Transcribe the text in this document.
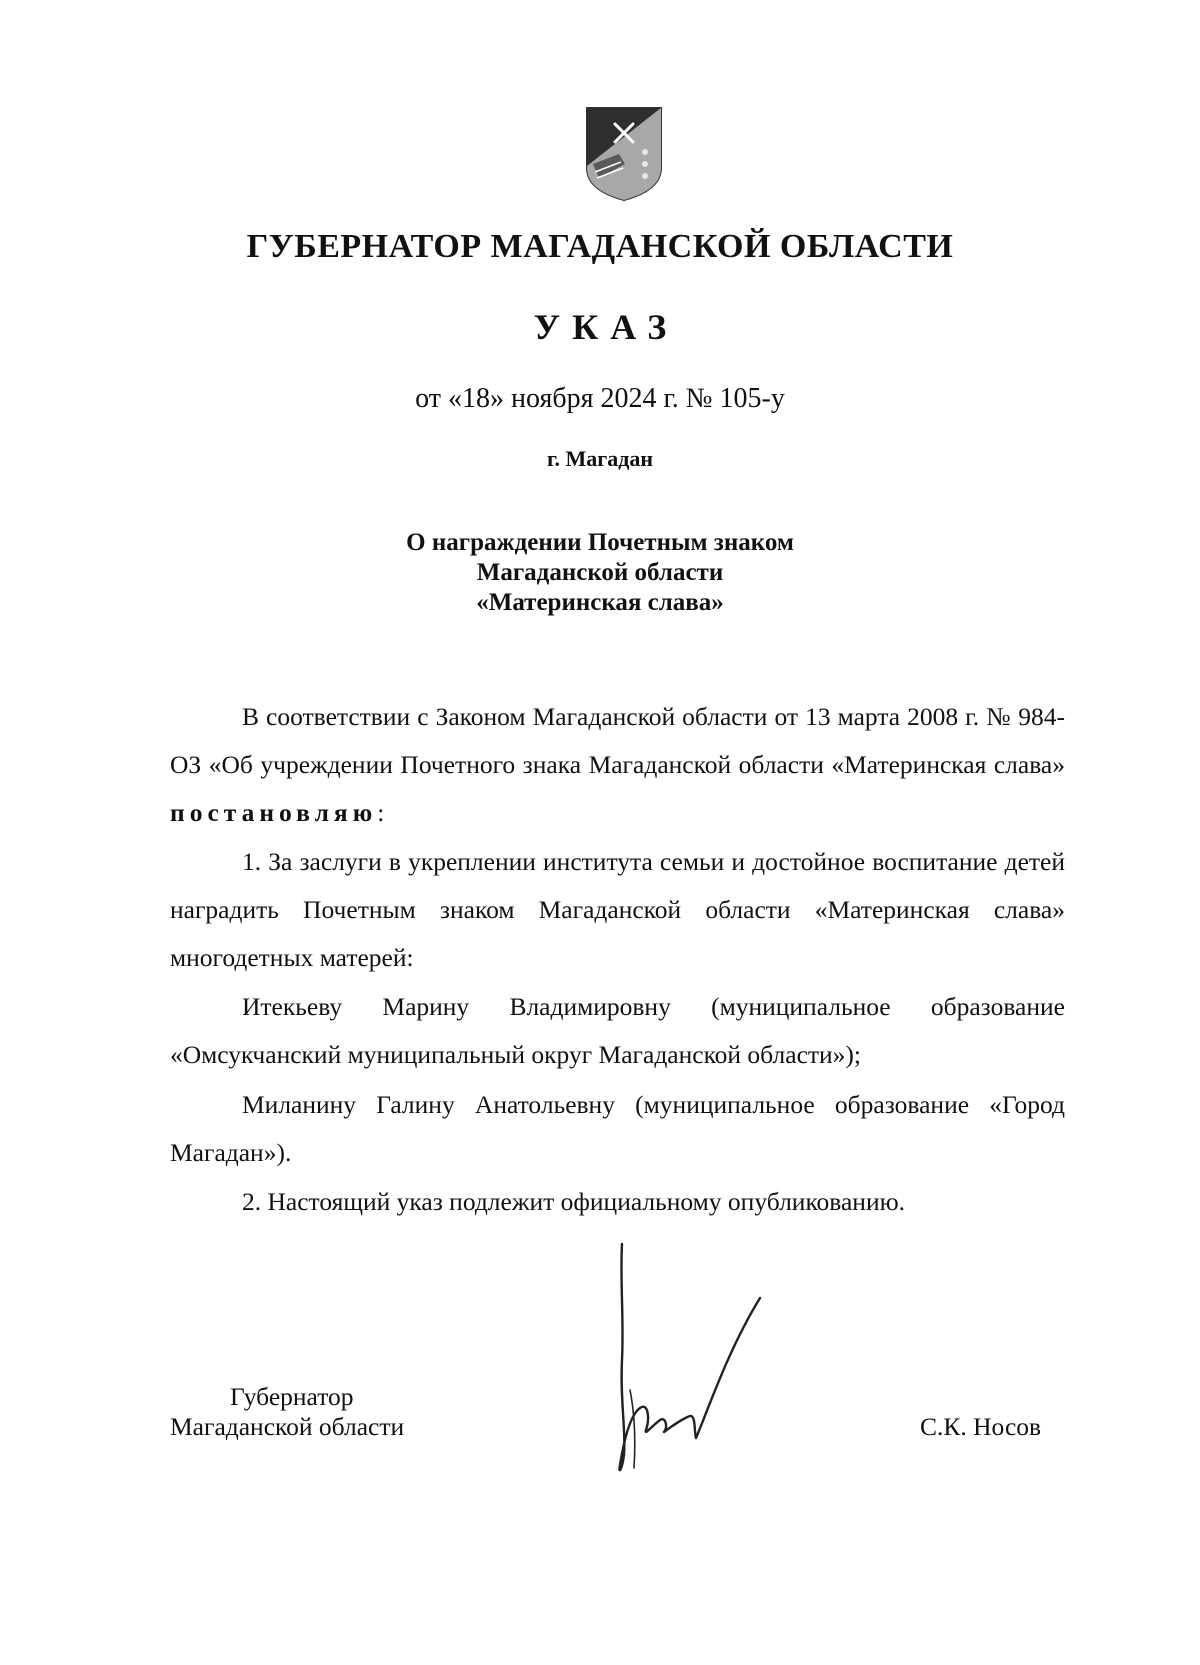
ГУБЕРНАТОР МАГАДАНСКОЙ ОБЛАСТИ
УКАЗ
от «18» ноября 2024 г. № 105-у
г. Магадан
О награждении Почетным знаком
Магаданской области
«Материнская слава»

В соответствии с Законом Магаданской области от 13 марта 2008 г. № 984-ОЗ «Об учреждении Почетного знака Магаданской области «Материнская слава» постановляю:

1. За заслуги в укреплении института семьи и достойное воспитание детей наградить Почетным знаком Магаданской области «Материнская слава» многодетных матерей:

Итекьеву Марину Владимировну (муниципальное образование «Омсукчанский муниципальный округ Магаданской области»);

Миланину Галину Анатольевну (муниципальное образование «Город Магадан»).

2. Настоящий указ подлежит официальному опубликованию.

Губернатор
Магаданской области	С.К. Носов
